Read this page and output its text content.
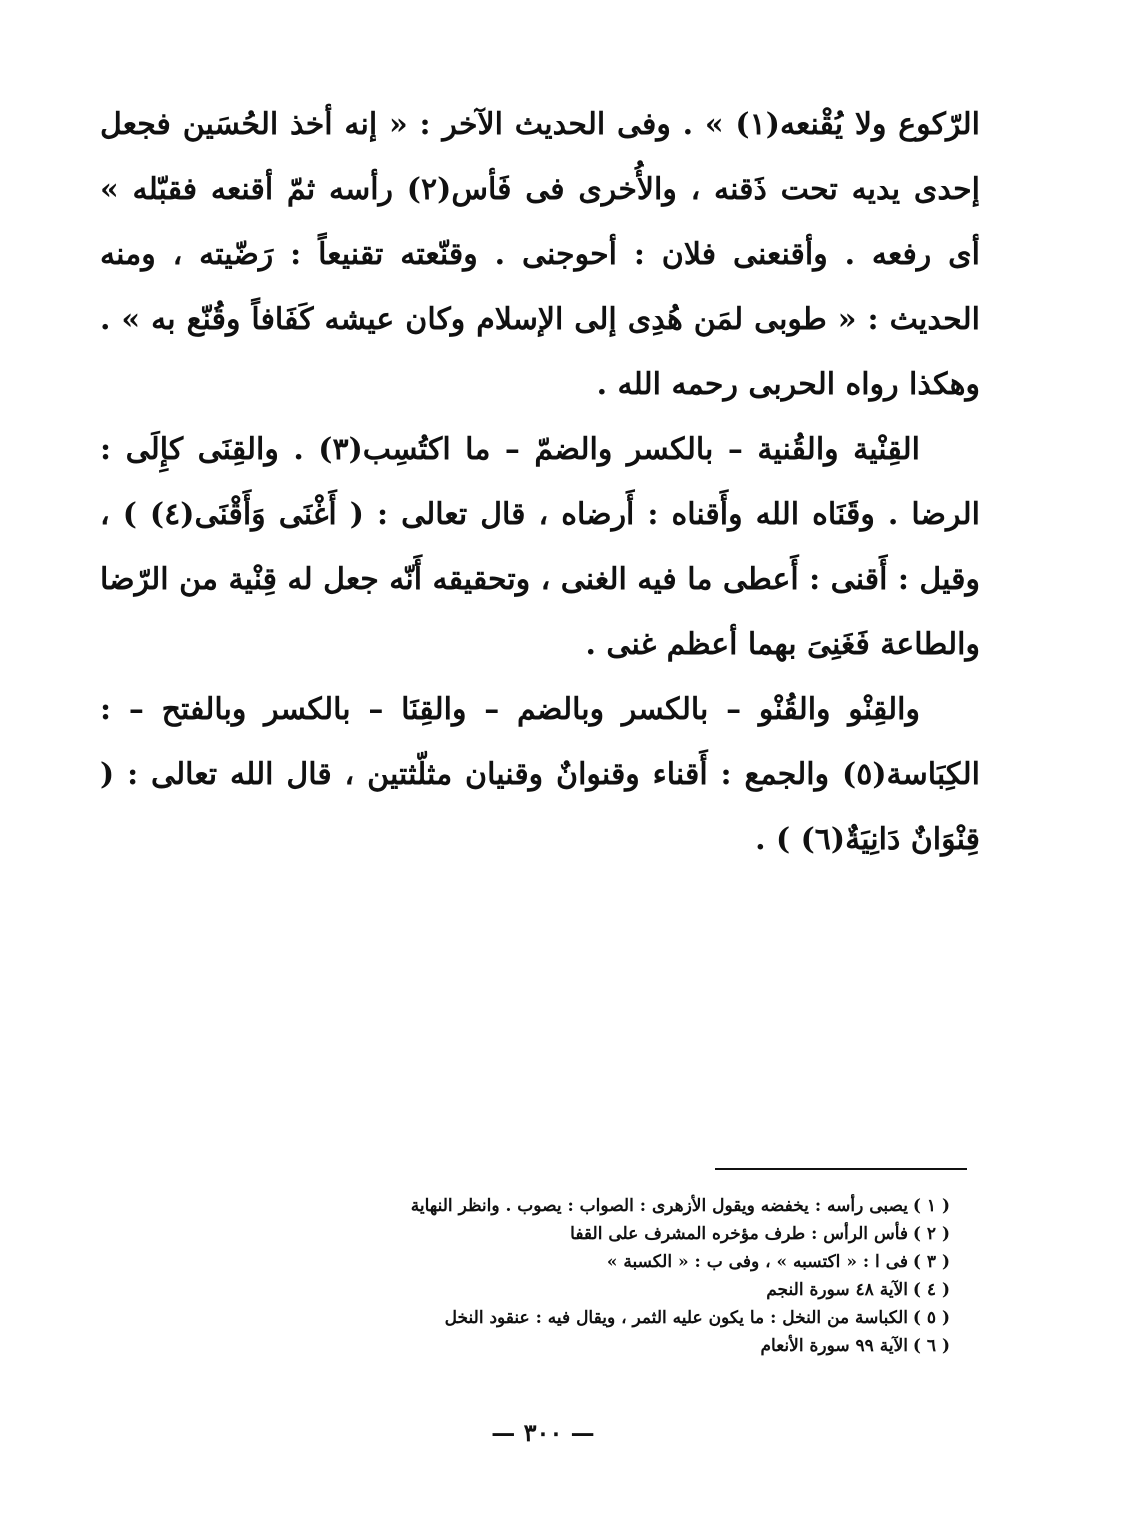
الرّكوع ولا يُقْنعه(١) » . وفى الحديث الآخر : « إنه أخذ الحُسَين فجعل إحدى يديه تحت ذَقنه ، والأُخرى فى فَأس(٢) رأسه ثمّ أقنعه فقبّله » أى رفعه . وأقنعنى فلان : أحوجنى . وقنّعته تقنيعاً : رَضّيته ، ومنه الحديث : « طوبى لمَن هُدِى إلى الإسلام وكان عيشه كَفَافاً وقُنّع به » . وهكذا رواه الحربى رحمه الله .

القِنْية والقُنية – بالكسر والضمّ – ما اكتُسِب(٣) . والقِنَى كإِلَى : الرضا . وقَنَاه الله وأَقناه : أَرضاه ، قال تعالى : ( أَغْنَى وَأَقْنَى(٤) ) ، وقيل : أَقنى : أَعطى ما فيه الغنى ، وتحقيقه أَنّه جعل له قِنْية من الرّضا والطاعة فَغَنِىَ بهما أعظم غنى .

والقِنْو والقُنْو – بالكسر وبالضم – والقِنَا – بالكسر وبالفتح – : الكِبَاسة(٥) والجمع : أَقناء وقنوانٌ وقنيان مثلّثتين ، قال الله تعالى : ( قِنْوَانٌ دَانِيَةٌ(٦) ) .

( ١ )
يصبى رأسه : يخفضه ويقول الأزهرى : الصواب : يصوب . وانظر النهاية
( ٢ )
فأس الرأس : طرف مؤخره المشرف على القفا
( ٣ )
فى ا : « اكتسبه » ، وفى ب : « الكسبة »
( ٤ )
الآية ٤٨ سورة النجم
( ٥ )
الكباسة من النخل : ما يكون عليه الثمر ، ويقال فيه : عنقود النخل
( ٦ )
الآية ٩٩ سورة الأنعام
— ٣٠٠ —
